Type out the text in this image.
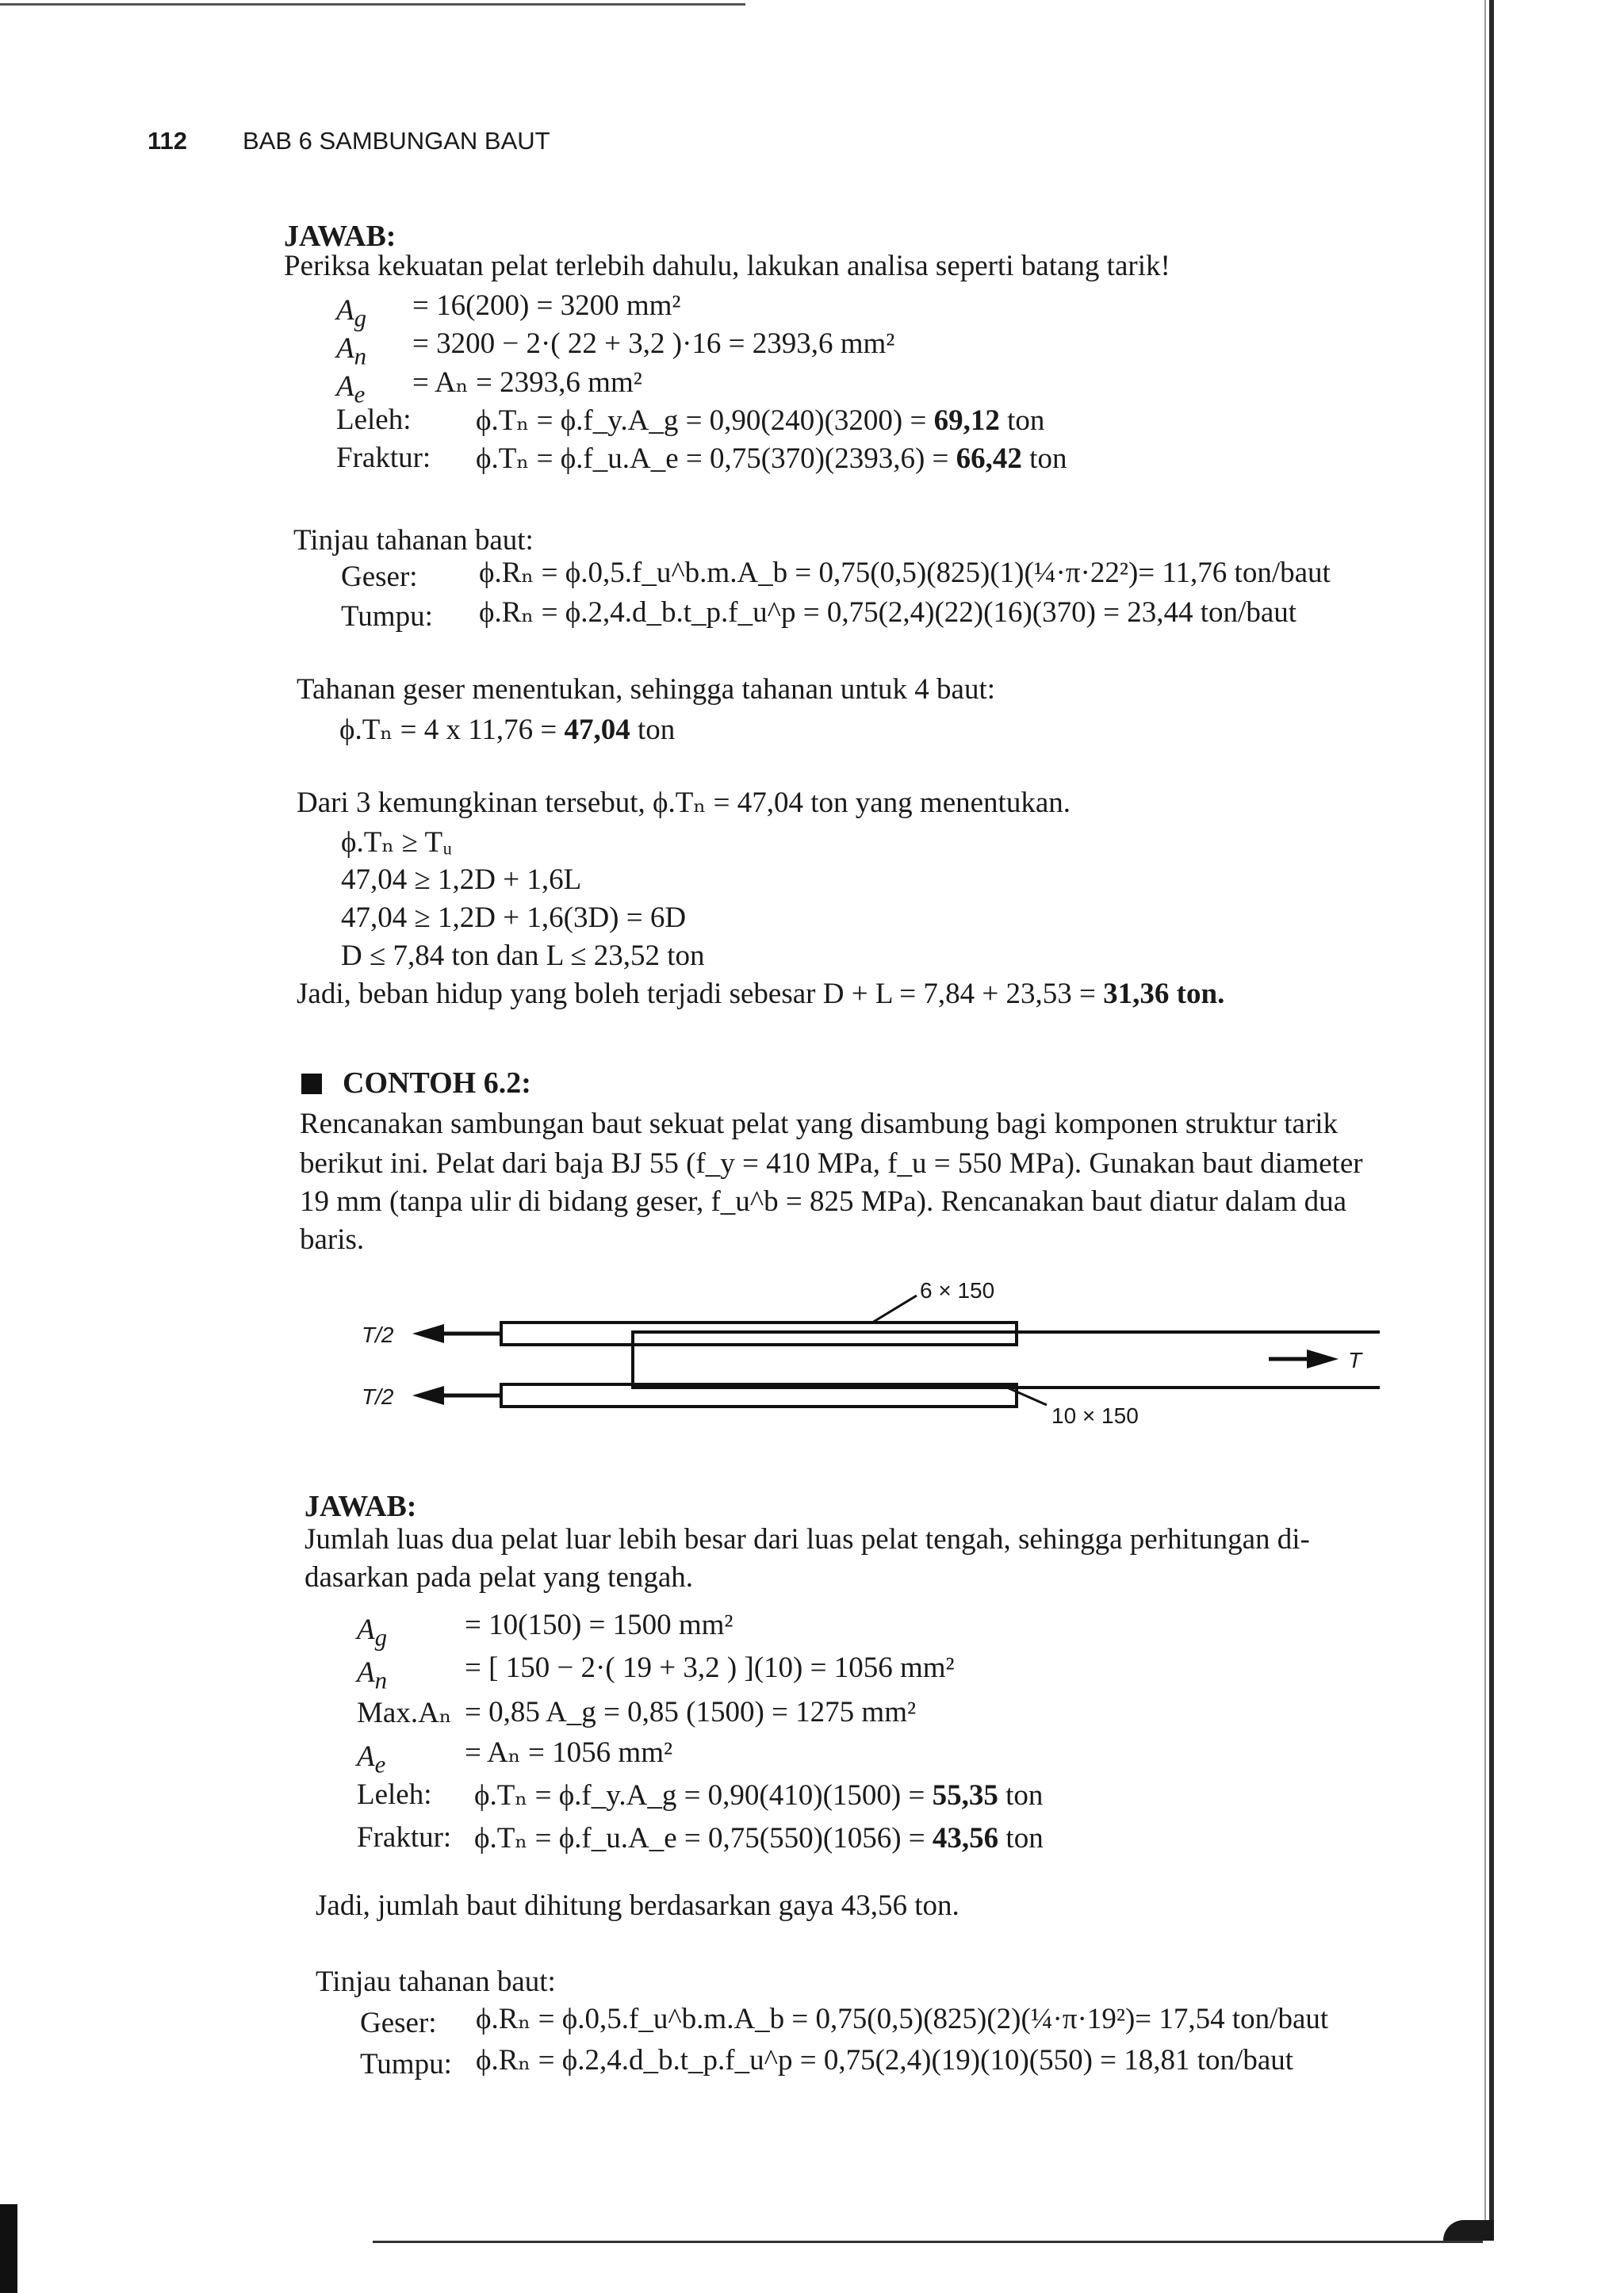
112 BAB 6 SAMBUNGAN BAUT
JAWAB:
Periksa kekuatan pelat terlebih dahulu, lakukan analisa seperti batang tarik!
$A_g = 16(200) = 3200$ mm²
$A_n = 3200 - 2\cdot$( 22 + 3,2 )·16 = 2393,6 mm²
$A_e = A_n = 2393,6$ mm²
Leleh: ϕ.Tₙ = ϕ.f_y.A_g = 0,90(240)(3200) = 69,12 ton
Fraktur: ϕ.Tₙ = ϕ.f_u.A_e = 0,75(370)(2393,6) = 66,42 ton
Tinjau tahanan baut:
Geser: ϕ.Rₙ = ϕ.0,5.f_u^b.m.A_b = 0,75(0,5)(825)(1)(¼·π·22²)= 11,76 ton/baut
Tumpu: ϕ.Rₙ = ϕ.2,4.d_b.t_p.f_u^p = 0,75(2,4)(22)(16)(370) = 23,44 ton/baut
Tahanan geser menentukan, sehingga tahanan untuk 4 baut:
ϕ.Tₙ = 4 x 11,76 = 47,04 ton
Dari 3 kemungkinan tersebut, ϕ.Tₙ = 47,04 ton yang menentukan.
ϕ.Tₙ ≥ Tᵤ
47,04 ≥ 1,2D + 1,6L
47,04 ≥ 1,2D + 1,6(3D) = 6D
D ≤ 7,84 ton dan L ≤ 23,52 ton
Jadi, beban hidup yang boleh terjadi sebesar D + L = 7,84 + 23,53 = 31,36 ton.
CONTOH 6.2:
Rencanakan sambungan baut sekuat pelat yang disambung bagi komponen struktur tarik
berikut ini. Pelat dari baja BJ 55 (f_y = 410 MPa, f_u = 550 MPa). Gunakan baut diameter
19 mm (tanpa ulir di bidang geser, f_u^b = 825 MPa). Rencanakan baut diatur dalam dua
baris.
6 × 150
10 × 150
T/2
T/2
T
JAWAB:
Jumlah luas dua pelat luar lebih besar dari luas pelat tengah, sehingga perhitungan di-
dasarkan pada pelat yang tengah.
$A_g$	= 10(150) = 1500 mm²
$A_n$	= [ 150 − 2·( 19 + 3,2 ) ](10) = 1056 mm²
Max.Aₙ = 0,85 A_g = 0,85 (1500) = 1275 mm²
$A_e$	= Aₙ = 1056 mm²
Leleh: ϕ.Tₙ = ϕ.f_y.A_g = 0,90(410)(1500) = 55,35 ton
Fraktur: ϕ.Tₙ = ϕ.f_u.A_e = 0,75(550)(1056) = 43,56 ton
Jadi, jumlah baut dihitung berdasarkan gaya 43,56 ton.
Tinjau tahanan baut:
Geser: ϕ.Rₙ = ϕ.0,5.f_u^b.m.A_b = 0,75(0,5)(825)(2)(¼·π·19²)= 17,54 ton/baut
Tumpu: ϕ.Rₙ = ϕ.2,4.d_b.t_p.f_u^p = 0,75(2,4)(19)(10)(550) = 18,81 ton/baut
